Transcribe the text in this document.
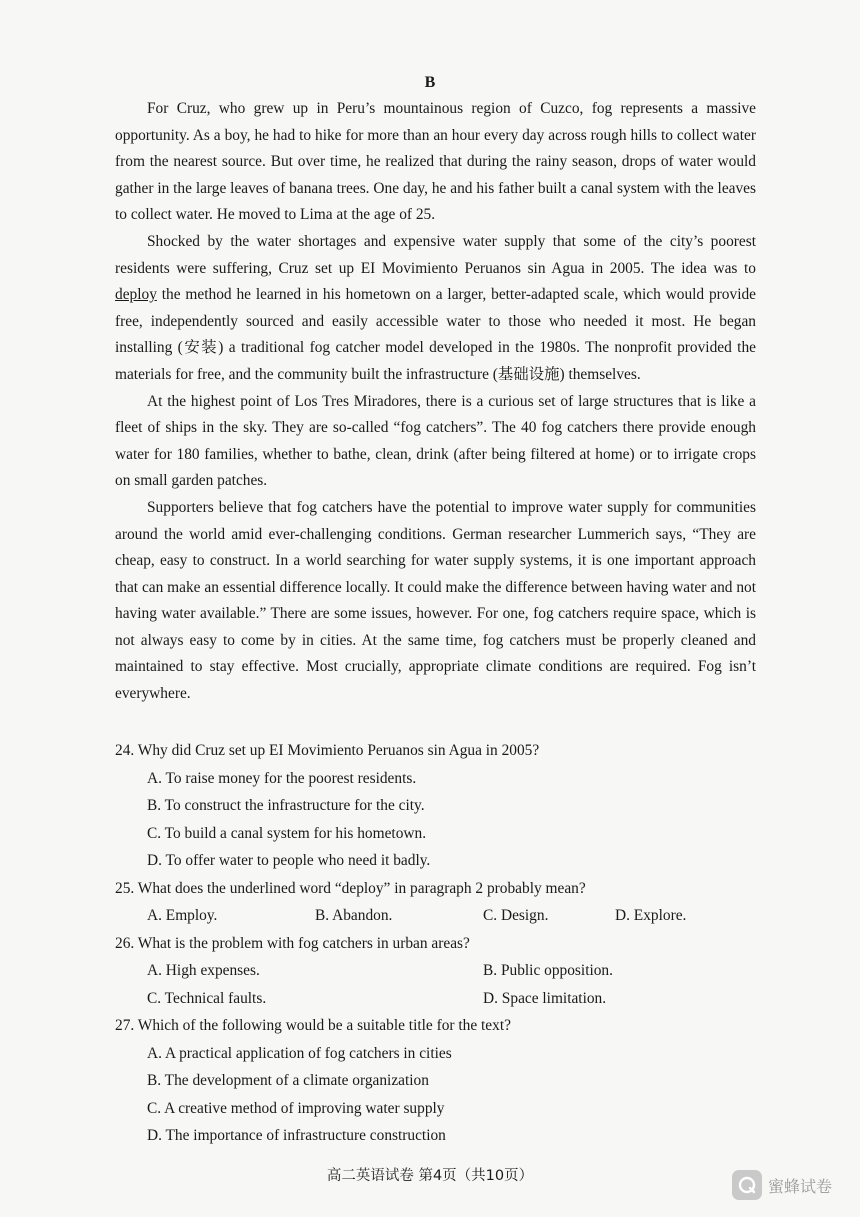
B

For Cruz, who grew up in Peru’s mountainous region of Cuzco, fog represents a massive opportunity. As a boy, he had to hike for more than an hour every day across rough hills to collect water from the nearest source. But over time, he realized that during the rainy season, drops of water would gather in the large leaves of banana trees. One day, he and his father built a canal system with the leaves to collect water. He moved to Lima at the age of 25.

Shocked by the water shortages and expensive water supply that some of the city’s poorest residents were suffering, Cruz set up EI Movimiento Peruanos sin Agua in 2005. The idea was to deploy the method he learned in his hometown on a larger, better-adapted scale, which would provide free, independently sourced and easily accessible water to those who needed it most. He began installing (安装) a traditional fog catcher model developed in the 1980s. The nonprofit provided the materials for free, and the community built the infrastructure (基础设施) themselves.

At the highest point of Los Tres Miradores, there is a curious set of large structures that is like a fleet of ships in the sky. They are so-called “fog catchers”. The 40 fog catchers there provide enough water for 180 families, whether to bathe, clean, drink (after being filtered at home) or to irrigate crops on small garden patches.

Supporters believe that fog catchers have the potential to improve water supply for communities around the world amid ever-challenging conditions. German researcher Lummerich says, “They are cheap, easy to construct. In a world searching for water supply systems, it is one important approach that can make an essential difference locally. It could make the difference between having water and not having water available.” There are some issues, however. For one, fog catchers require space, which is not always easy to come by in cities. At the same time, fog catchers must be properly cleaned and maintained to stay effective. Most crucially, appropriate climate conditions are required. Fog isn’t everywhere.

24. Why did Cruz set up EI Movimiento Peruanos sin Agua in 2005?

A. To raise money for the poorest residents.

B. To construct the infrastructure for the city.

C. To build a canal system for his hometown.

D. To offer water to people who need it badly.

25. What does the underlined word “deploy” in paragraph 2 probably mean?

A. Employ.	B. Abandon.	C. Design.	D. Explore.

26. What is the problem with fog catchers in urban areas?

A. High expenses.	B. Public opposition.

C. Technical faults.	D. Space limitation.

27. Which of the following would be a suitable title for the text?

A. A practical application of fog catchers in cities

B. The development of a climate organization

C. A creative method of improving water supply

D. The importance of infrastructure construction

高二英语试卷 第4页（共10页）
蜜蜂试卷
